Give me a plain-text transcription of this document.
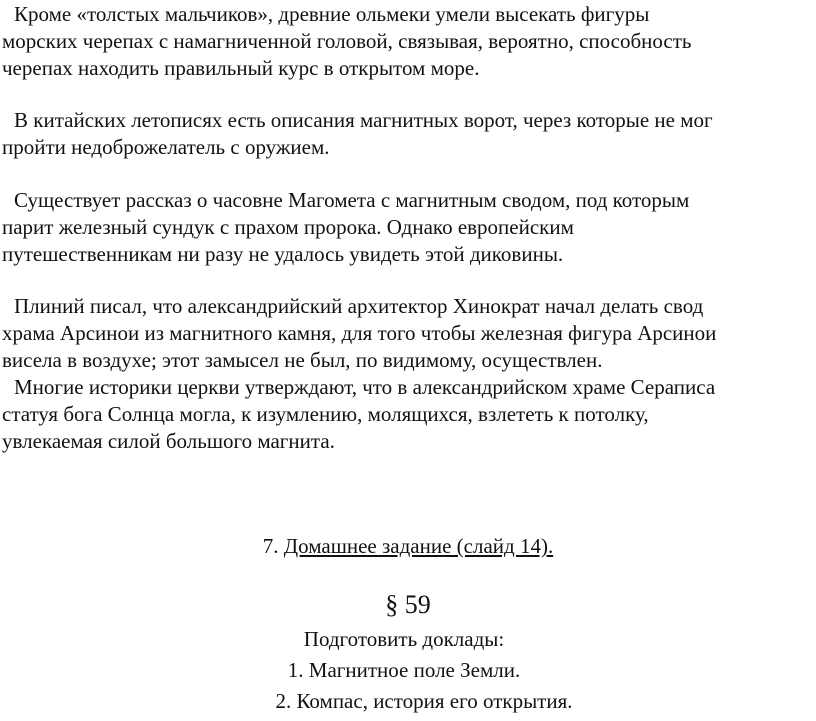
Кроме «толстых мальчиков», древние ольмеки умели высекать фигуры
морских черепах с намагниченной головой, связывая, вероятно, способность
черепах находить правильный курс в открытом море.

В китайских летописях есть описания магнитных ворот, через которые не мог
пройти недоброжелатель с оружием.

Существует рассказ о часовне Магомета с магнитным сводом, под которым
парит железный сундук с прахом пророка. Однако европейским
путешественникам ни разу не удалось увидеть этой диковины.

Плиний писал, что александрийский архитектор Хинократ начал делать свод
храма Арсинои из магнитного камня, для того чтобы железная фигура Арсинои
висела в воздухе; этот замысел не был, по видимому, осуществлен.

Многие историки церкви утверждают, что в александрийском храме Сераписа
статуя бога Солнца могла, к изумлению, молящихся, взлететь к потолку,
увлекаемая силой большого магнита.

7. Домашнее задание (слайд 14).

§ 59

Подготовить доклады:

1. Магнитное поле Земли.

2. Компас, история его открытия.
